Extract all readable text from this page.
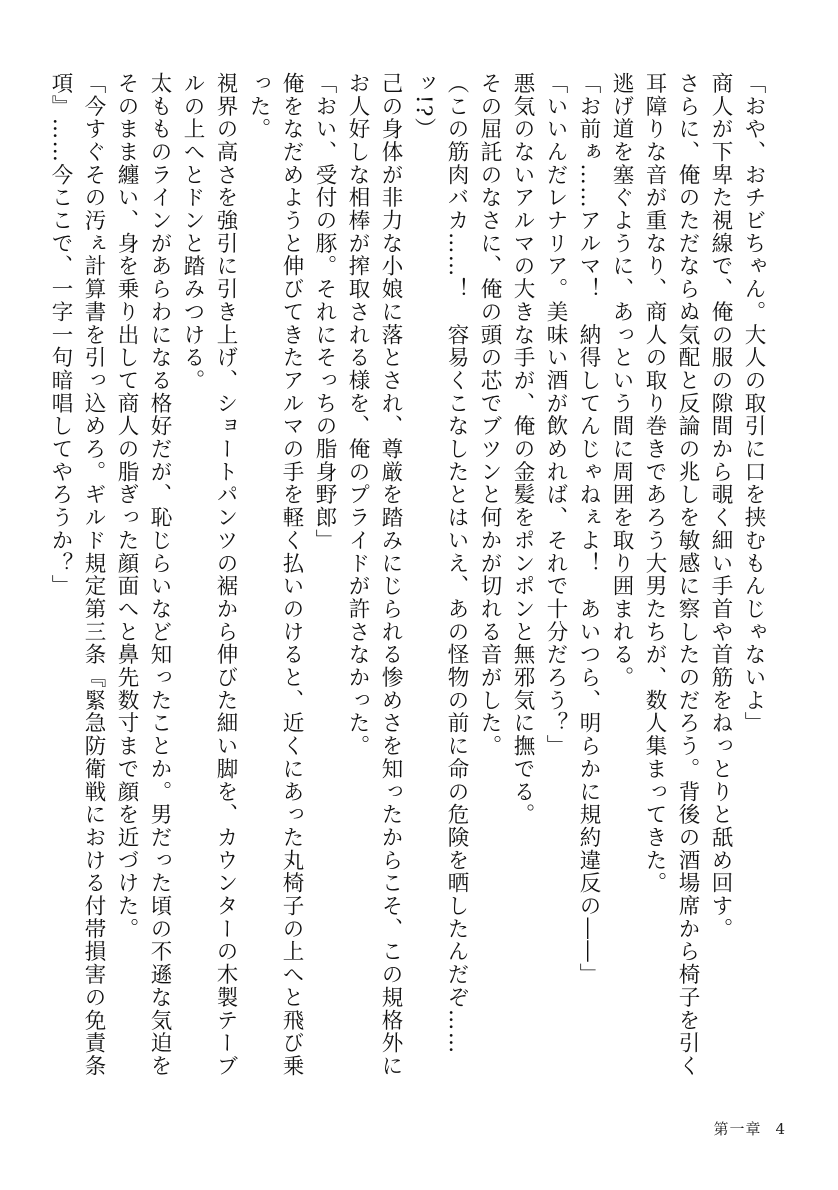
「おや、おチビちゃん。大人の取引に口を挟むもんじゃないよ」

商人が下卑た視線で、俺の服の隙間から覗く細い手首や首筋をねっとりと舐め回す。

さらに、俺のただならぬ気配と反論の兆しを敏感に察したのだろう。背後の酒場席から椅子を引く耳障りな音が重なり、商人の取り巻きであろう大男たちが、数人集まってきた。

逃げ道を塞ぐように、あっという間に周囲を取り囲まれる。

「お前ぁ……アルマ！　納得してんじゃねぇよ！　あいつら、明らかに規約違反の――」

「いいんだレナリア。美味い酒が飲めれば、それで十分だろう？」

悪気のないアルマの大きな手が、俺の金髪をポンポンと無邪気に撫でる。

その屈託のなさに、俺の頭の芯でブツンと何かが切れる音がした。

（この筋肉バカ……！　容易くこなしたとはいえ、あの怪物の前に命の危険を晒したんだぞ……ッ!?）

己の身体が非力な小娘に落とされ、尊厳を踏みにじられる惨めさを知ったからこそ、この規格外にお人好しな相棒が搾取される様を、俺のプライドが許さなかった。

「おい、受付の豚。それにそっちの脂身野郎」

俺をなだめようと伸びてきたアルマの手を軽く払いのけると、近くにあった丸椅子の上へと飛び乗った。

視界の高さを強引に引き上げ、ショートパンツの裾から伸びた細い脚を、カウンターの木製テーブルの上へとドンと踏みつける。

太もものラインがあらわになる格好だが、恥じらいなど知ったことか。男だった頃の不遜な気迫をそのまま纏い、身を乗り出して商人の脂ぎった顔面へと鼻先数寸まで顔を近づけた。

「今すぐその汚ぇ計算書を引っ込めろ。ギルド規定第三条『緊急防衛戦における付帯損害の免責条項』……今ここで、一字一句暗唱してやろうか？」

第一章 4
